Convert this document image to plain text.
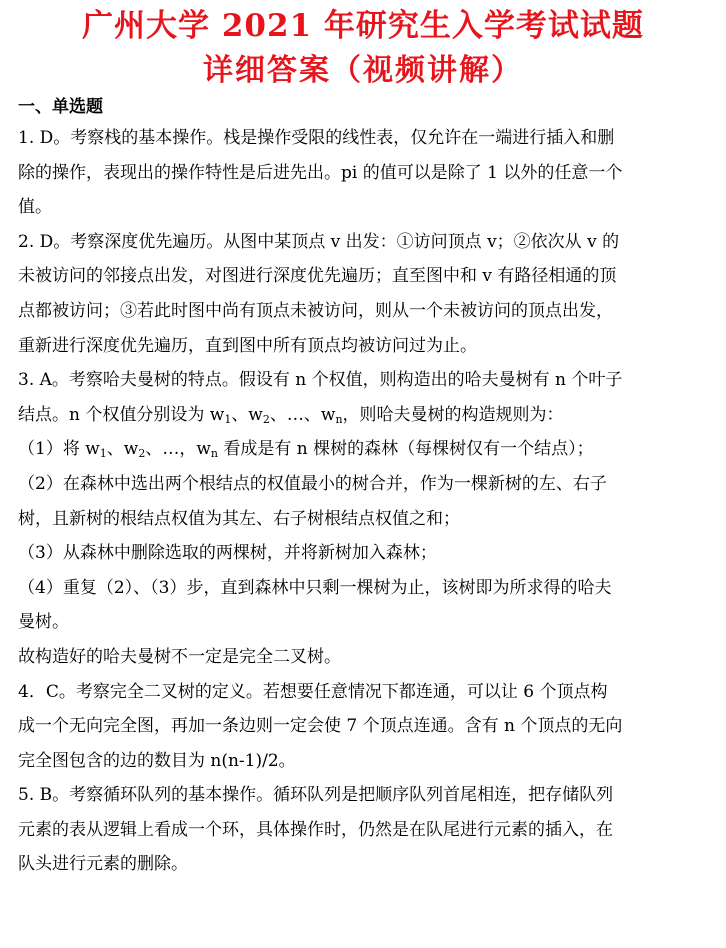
广州大学 2021 年研究生入学考试试题
详细答案（视频讲解）
一、单选题
1. D。考察栈的基本操作。栈是操作受限的线性表，仅允许在一端进行插入和删
除的操作，表现出的操作特性是后进先出。pi 的值可以是除了 1 以外的任意一个
值。
2. D。考察深度优先遍历。从图中某顶点 v 出发：①访问顶点 v；②依次从 v 的
未被访问的邻接点出发，对图进行深度优先遍历；直至图中和 v 有路径相通的顶
点都被访问；③若此时图中尚有顶点未被访问，则从一个未被访问的顶点出发，
重新进行深度优先遍历，直到图中所有顶点均被访问过为止。
3. A。考察哈夫曼树的特点。假设有 n 个权值，则构造出的哈夫曼树有 n 个叶子
结点。n 个权值分别设为 $w_1$、$w_2$、…、$w_n$，则哈夫曼树的构造规则为：
（1）将 $w_1$、$w_2$、…，$w_n$ 看成是有 n 棵树的森林（每棵树仅有一个结点）；
（2）在森林中选出两个根结点的权值最小的树合并，作为一棵新树的左、右子
树，且新树的根结点权值为其左、右子树根结点权值之和；
（3）从森林中删除选取的两棵树，并将新树加入森林；
（4）重复（2）、（3）步，直到森林中只剩一棵树为止，该树即为所求得的哈夫
曼树。
故构造好的哈夫曼树不一定是完全二叉树。
4．C。考察完全二叉树的定义。若想要任意情况下都连通，可以让 6 个顶点构
成一个无向完全图，再加一条边则一定会使 7 个顶点连通。含有 n 个顶点的无向
完全图包含的边的数目为 n(n-1)/2。
5. B。考察循环队列的基本操作。循环队列是把顺序队列首尾相连，把存储队列
元素的表从逻辑上看成一个环，具体操作时，仍然是在队尾进行元素的插入，在
队头进行元素的删除。
